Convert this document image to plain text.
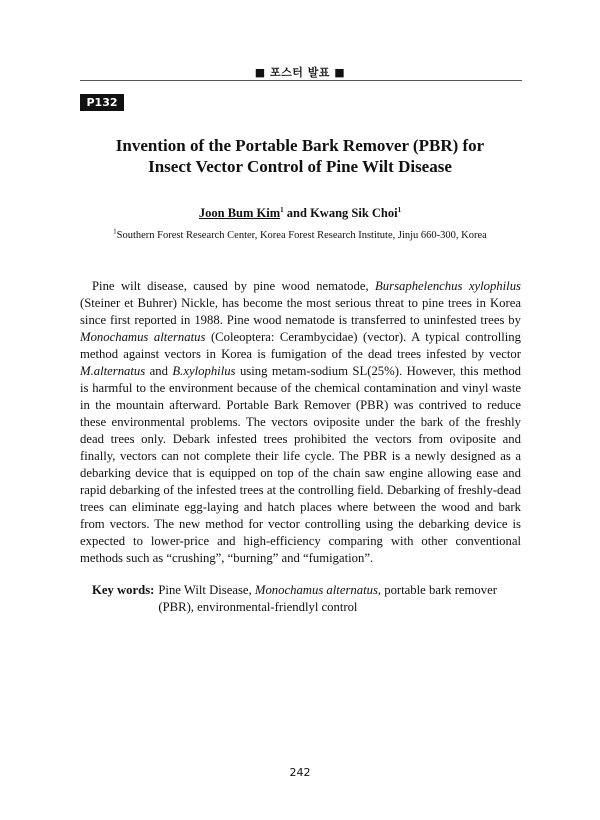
■ 포스터 발표 ■
P132
Invention of the Portable Bark Remover (PBR) for
Insect Vector Control of Pine Wilt Disease
Joon Bum Kim$^1$ and Kwang Sik Choi$^1$
$^1$Southern Forest Research Center, Korea Forest Research Institute, Jinju 660-300, Korea

Pine wilt disease, caused by pine wood nematode, Bursaphelenchus xylophilus (Steiner et Buhrer) Nickle, has become the most serious threat to pine trees in Korea since first reported in 1988. Pine wood nematode is transferred to uninfested trees by Monochamus alternatus (Coleoptera: Cerambycidae) (vector). A typical controlling method against vectors in Korea is fumigation of the dead trees infested by vector M.alternatus and B.xylophilus using metam-sodium SL(25%). However, this method is harmful to the environment because of the chemical contamination and vinyl waste in the mountain afterward. Portable Bark Remover (PBR) was contrived to reduce these environmental problems. The vectors oviposite under the bark of the freshly dead trees only. Debark infested trees prohibited the vectors from oviposite and finally, vectors can not complete their life cycle. The PBR is a newly designed as a debarking device that is equipped on top of the chain saw engine allowing ease and rapid debarking of the infested trees at the controlling field. Debarking of freshly-dead trees can eliminate egg-laying and hatch places where between the wood and bark from vectors. The new method for vector controlling using the debarking device is expected to lower-price and high-efficiency comparing with other conventional methods such as “crushing”, “burning” and “fumigation”.

Key words: Pine Wilt Disease, Monochamus alternatus, portable bark remover (PBR), environmental-friendlyl control
242
